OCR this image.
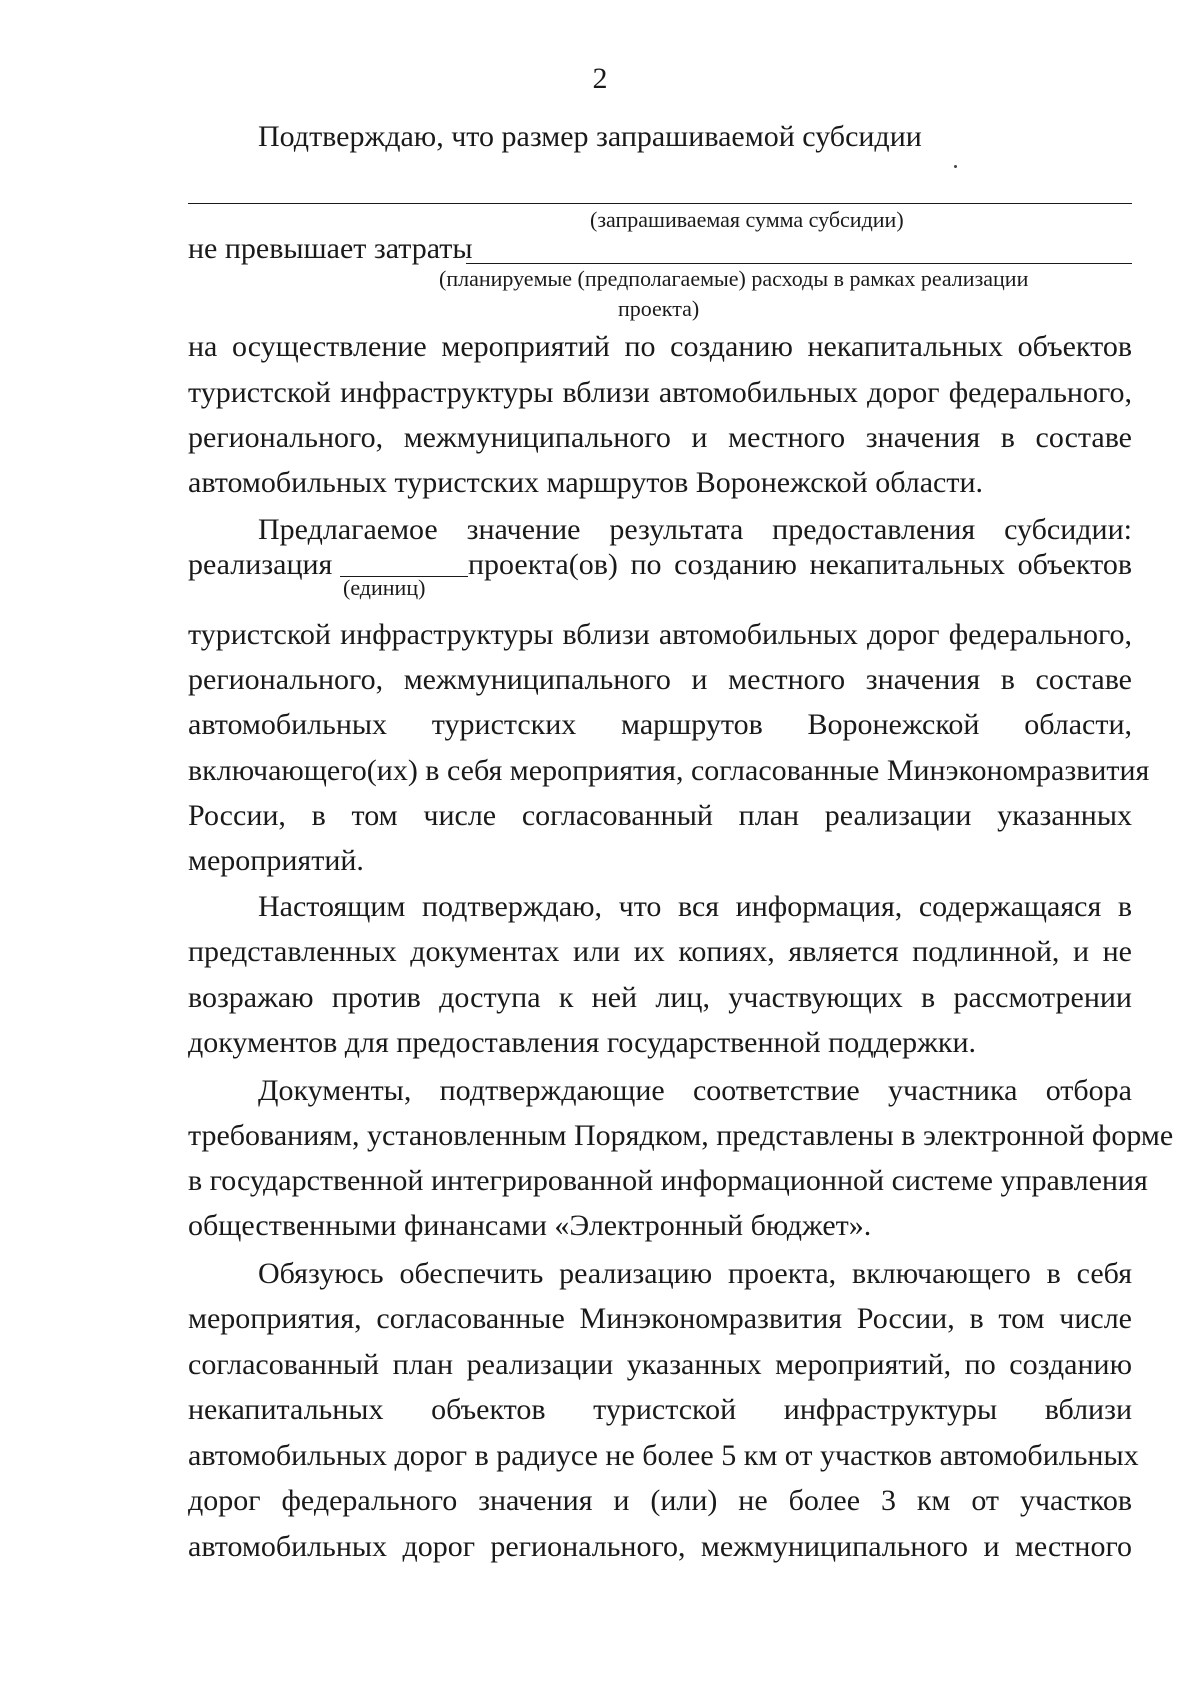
2
Подтверждаю, что размер запрашиваемой субсидии
(запрашиваемая сумма субсидии)
не превышает затраты
(планируемые (предполагаемые) расходы в рамках реализации
проекта)
на осуществление мероприятий по созданию некапитальных объектов
туристской инфраструктуры вблизи автомобильных дорог федерального,
регионального, межмуниципального и местного значения в составе
автомобильных туристских маршрутов Воронежской области.
Предлагаемое значение результата предоставления субсидии:
реализация	проекта(ов) по созданию некапитальных объектов
(единиц)
туристской инфраструктуры вблизи автомобильных дорог федерального,
регионального, межмуниципального и местного значения в составе
автомобильных туристских маршрутов Воронежской области,
включающего(их) в себя мероприятия, согласованные Минэкономразвития
России, в том числе согласованный план реализации указанных
мероприятий.
Настоящим подтверждаю, что вся информация, содержащаяся в
представленных документах или их копиях, является подлинной, и не
возражаю против доступа к ней лиц, участвующих в рассмотрении
документов для предоставления государственной поддержки.
Документы, подтверждающие соответствие участника отбора
требованиям, установленным Порядком, представлены в электронной форме
в государственной интегрированной информационной системе управления
общественными финансами «Электронный бюджет».
Обязуюсь обеспечить реализацию проекта, включающего в себя
мероприятия, согласованные Минэкономразвития России, в том числе
согласованный план реализации указанных мероприятий, по созданию
некапитальных объектов туристской инфраструктуры вблизи
автомобильных дорог в радиусе не более 5 км от участков автомобильных
дорог федерального значения и (или) не более 3 км от участков
автомобильных дорог регионального, межмуниципального и местного
